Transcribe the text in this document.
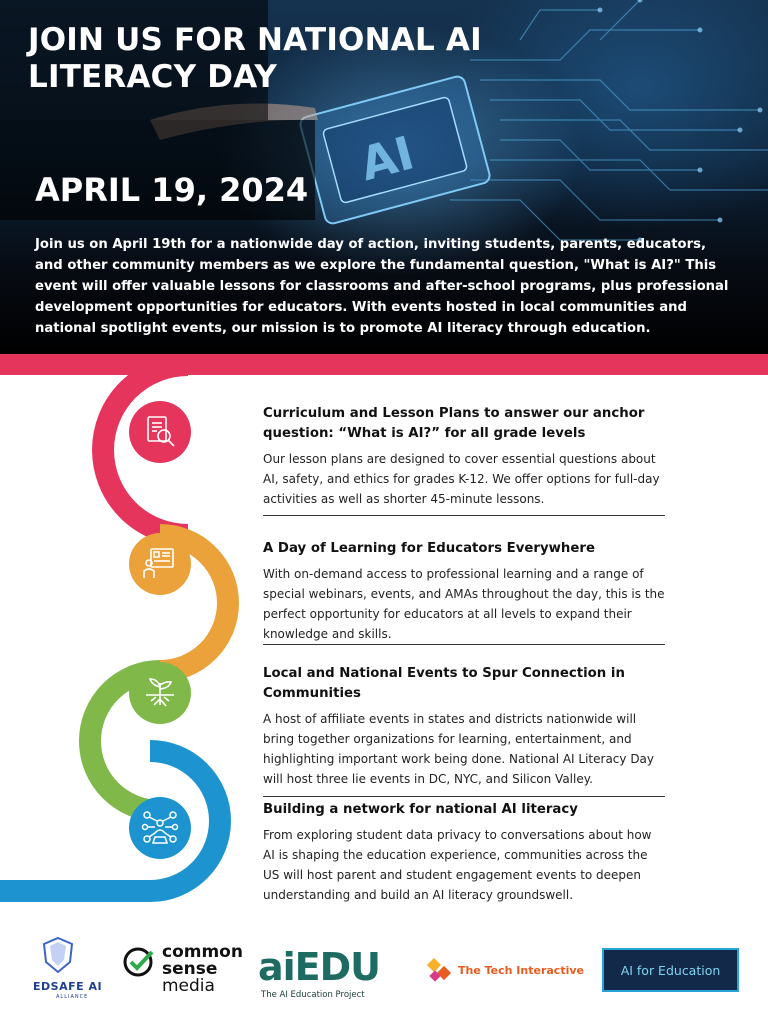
AI
JOIN US FOR NATIONAL AI LITERACY DAY
APRIL 19, 2024

Join us on April 19th for a nationwide day of action, inviting students, parents, educators, and other community members as we explore the fundamental question, "What is AI?" This event will offer valuable lessons for classrooms and after-school programs, plus professional development opportunities for educators. With events hosted in local communities and national spotlight events, our mission is to promote AI literacy through education.

Curriculum and Lesson Plans to answer our anchor question: “What is AI?” for all grade levels

Our lesson plans are designed to cover essential questions about AI, safety, and ethics for grades K-12. We offer options for full-day activities as well as shorter 45-minute lessons.

A Day of Learning for Educators Everywhere

With on-demand access to professional learning and a range of special webinars, events, and AMAs throughout the day, this is the perfect opportunity for educators at all levels to expand their knowledge and skills.

Local and National Events to Spur Connection in Communities

A host of affiliate events in states and districts nationwide will bring together organizations for learning, entertainment, and highlighting important work being done. National AI Literacy Day will host three lie events in DC, NYC, and Silicon Valley.

Building a network for national AI literacy

From exploring student data privacy to conversations about how AI is shaping the education experience, communities across the US will host parent and student engagement events to deepen understanding and build an AI literacy groundswell.

EDSAFE AI
ALLIANCE
common
sense
media	aiEDU
The AI Education Project
The Tech Interactive	AI for Education
